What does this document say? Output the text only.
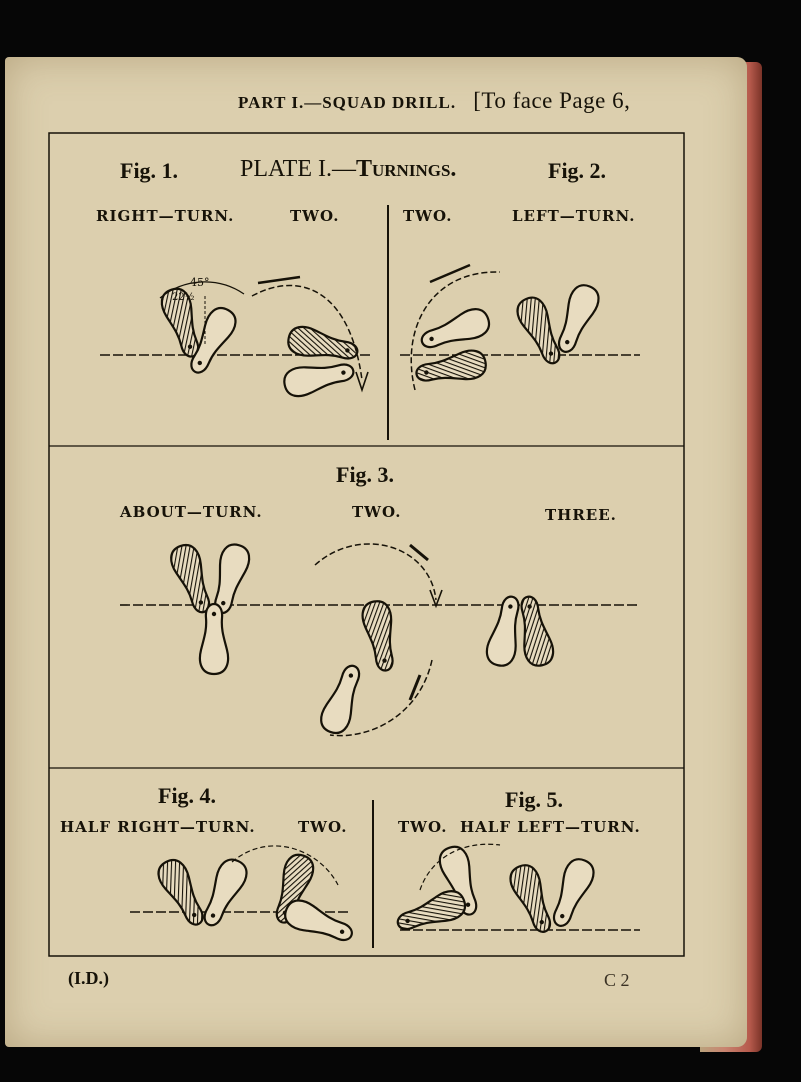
PART I.—SQUAD DRILL. [To face Page 6,
45°
22½
Fig. 1.	PLATE I.—Turnings.	Fig. 2.
RIGHT—TURN.	TWO.	TWO.	LEFT—TURN.
Fig. 3.
ABOUT—TURN.	TWO.	THREE.
Fig. 4.	Fig. 5.
HALF RIGHT—TURN.	TWO.	TWO. HALF LEFT—TURN.
(I.D.)	C 2
